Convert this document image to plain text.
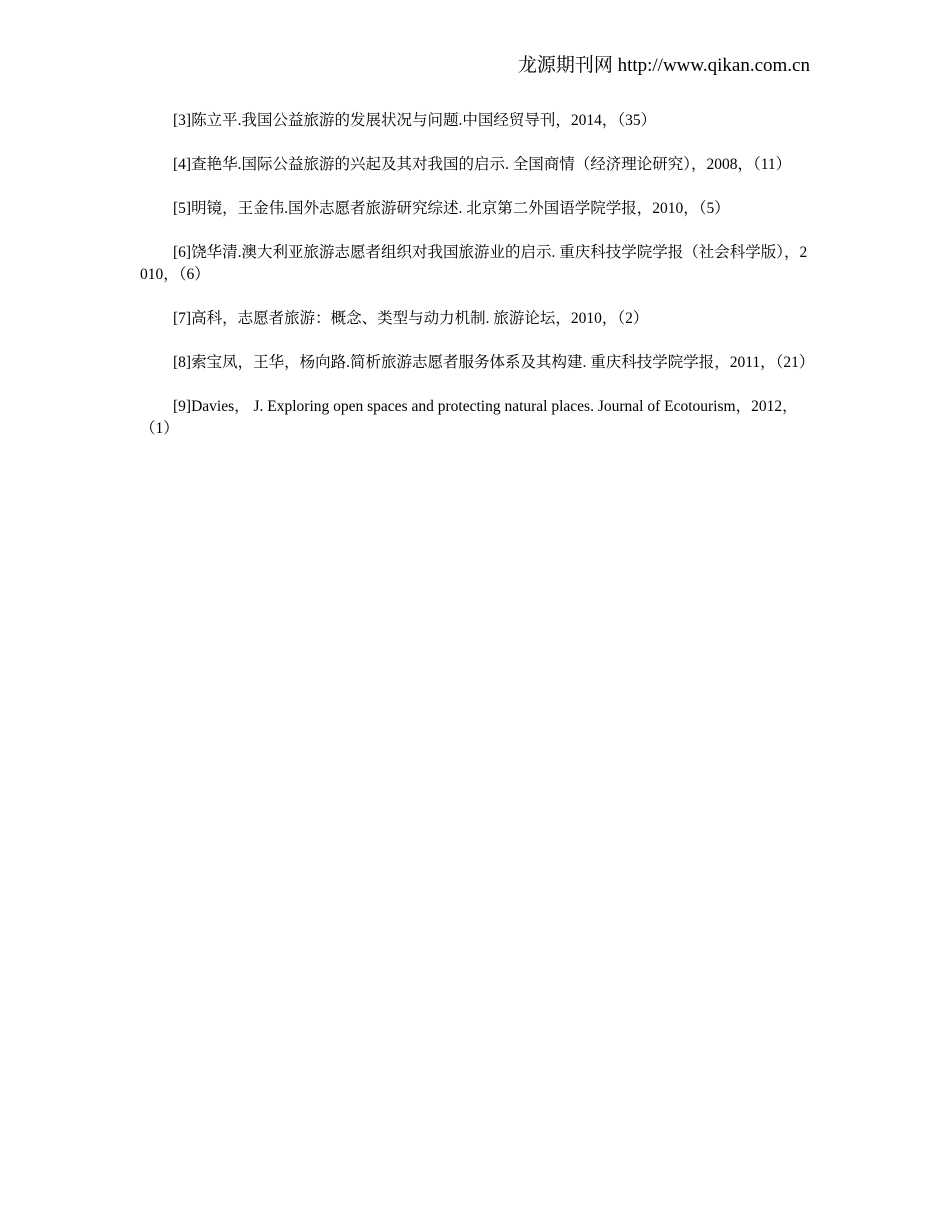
龙源期刊网 http://www.qikan.com.cn

[3]陈立平.我国公益旅游的发展状况与问题.中国经贸导刊，2014，（35）

[4]查艳华.国际公益旅游的兴起及其对我国的启示. 全国商情（经济理论研究），2008，（11）

[5]明镜，王金伟.国外志愿者旅游研究综述. 北京第二外国语学院学报，2010，（5）

[6]饶华清.澳大利亚旅游志愿者组织对我国旅游业的启示. 重庆科技学院学报（社会科学版），2010，（6）

[7]高科，志愿者旅游：概念、类型与动力机制. 旅游论坛，2010，（2）

[8]索宝凤，王华，杨向路.简析旅游志愿者服务体系及其构建. 重庆科技学院学报，2011，（21）

[9]Davies， J. Exploring open spaces and protecting natural places. Journal of Ecotourism，2012，（1）
